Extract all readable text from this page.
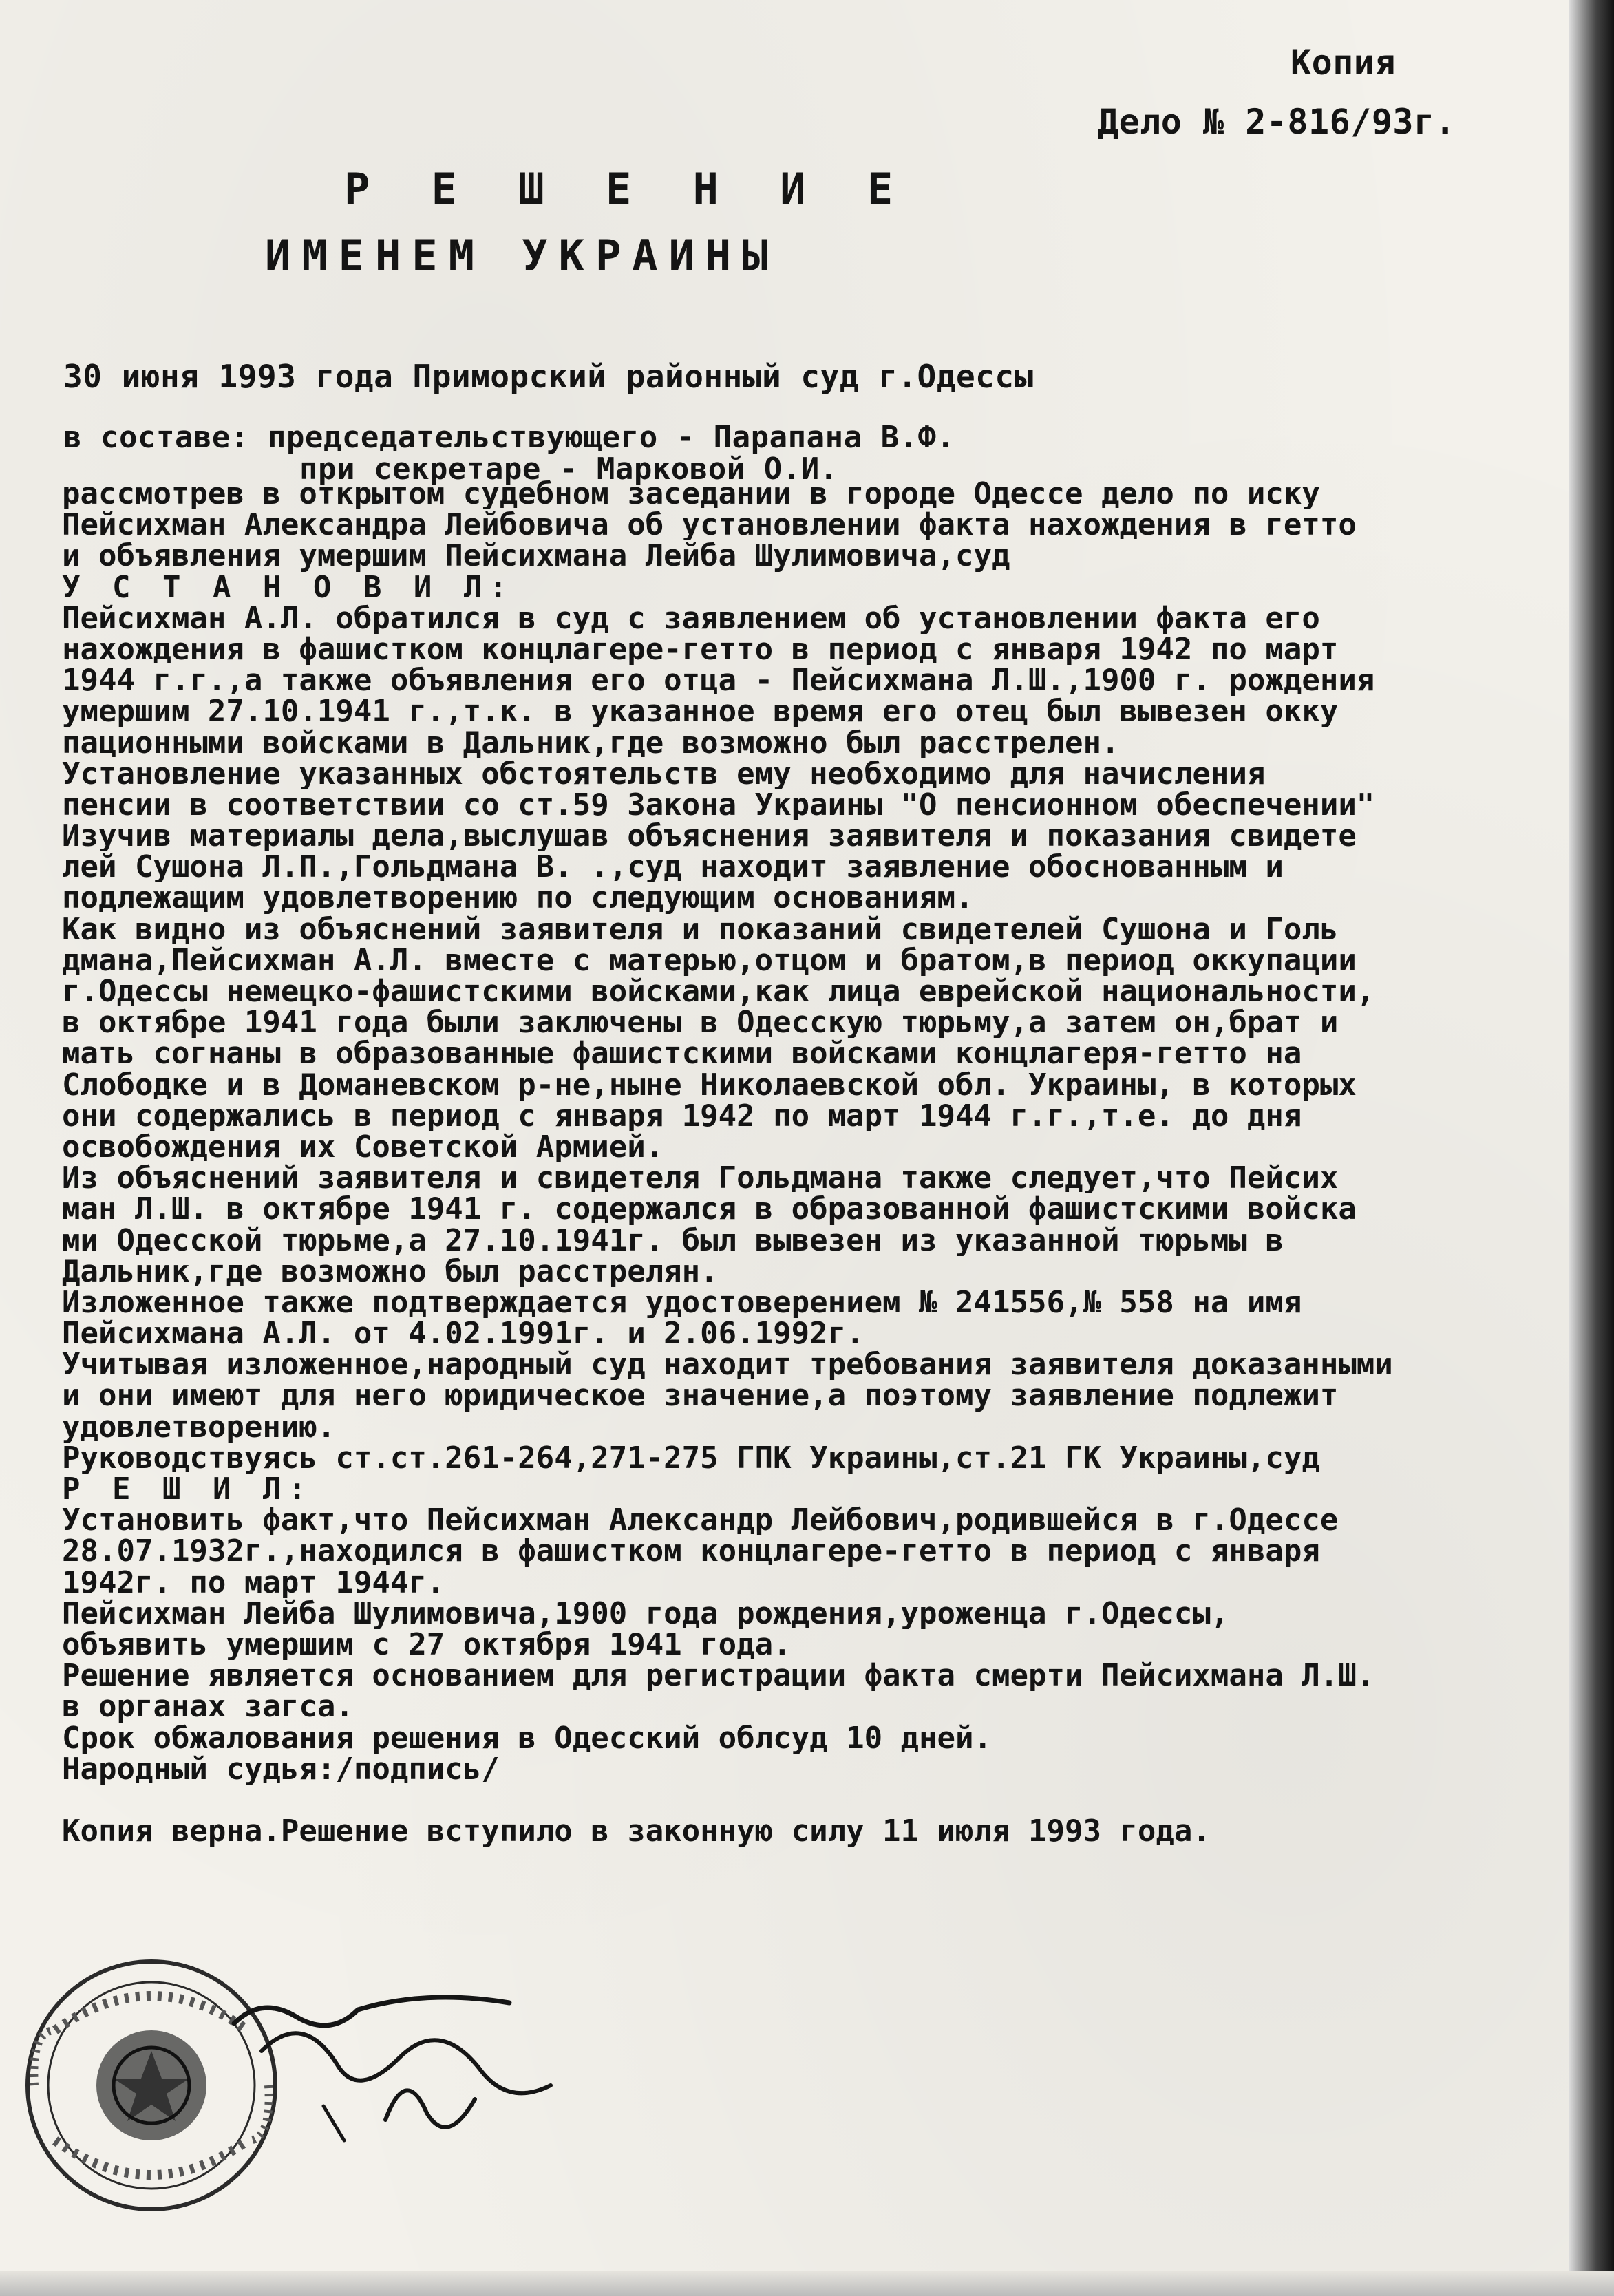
Копия
Дело № 2-816/93г.
Р Е Ш Е Н И Е
ИМЕНЕМ УКРАИНЫ
30 июня 1993 года Приморский районный суд г.Одессы
в составе: председательствующего - Парапана В.Ф.
при секретаре - Марковой О.И.
рассмотрев в открытом судебном заседании в городе Одессе дело по иску
Пейсихман Александра Лейбовича об установлении факта нахождения в гетто
и объявления умершим Пейсихмана Лейба Шулимовича,суд
У С Т А Н О В И Л:
Пейсихман А.Л. обратился в суд с заявлением об установлении факта его
нахождения в фашистком концлагере-гетто в период с января 1942 по март
1944 г.г.,а также объявления его отца - Пейсихмана Л.Ш.,1900 г. рождения
умершим 27.10.1941 г.,т.к. в указанное время его отец был вывезен окку
пационными войсками в Дальник,где возможно был расстрелен.
Установление указанных обстоятельств ему необходимо для начисления
пенсии в соответствии со ст.59 Закона Украины "О пенсионном обеспечении"
Изучив материалы дела,выслушав объяснения заявителя и показания свидете
лей Сушона Л.П.,Гольдмана В. .,суд находит заявление обоснованным и
подлежащим удовлетворению по следующим основаниям.
Как видно из объяснений заявителя и показаний свидетелей Сушона и Голь
дмана,Пейсихман А.Л. вместе с матерью,отцом и братом,в период оккупации
г.Одессы немецко-фашистскими войсками,как лица еврейской национальности,
в октябре 1941 года были заключены в Одесскую тюрьму,а затем он,брат и
мать согнаны в образованные фашистскими войсками концлагеря-гетто на
Слободке и в Доманевском р-не,ныне Николаевской обл. Украины, в которых
они содержались в период с января 1942 по март 1944 г.г.,т.е. до дня
освобождения их Советской Армией.
Из объяснений заявителя и свидетеля Гольдмана также следует,что Пейсих
ман Л.Ш. в октябре 1941 г. содержался в образованной фашистскими войска
ми Одесской тюрьме,а 27.10.1941г. был вывезен из указанной тюрьмы в
Дальник,где возможно был расстрелян.
Изложенное также подтверждается удостоверением № 241556,№ 558 на имя
Пейсихмана А.Л. от 4.02.1991г. и 2.06.1992г.
Учитывая изложенное,народный суд находит требования заявителя доказанными
и они имеют для него юридическое значение,а поэтому заявление подлежит
удовлетворению.
Руководствуясь ст.ст.261-264,271-275 ГПК Украины,ст.21 ГК Украины,суд
Р Е Ш И Л:
Установить факт,что Пейсихман Александр Лейбович,родившейся в г.Одессе
28.07.1932г.,находился в фашистком концлагере-гетто в период с января
1942г. по март 1944г.
Пейсихман Лейба Шулимовича,1900 года рождения,уроженца г.Одессы,
объявить умершим с 27 октября 1941 года.
Решение является основанием для регистрации факта смерти Пейсихмана Л.Ш.
в органах загса.
Срок обжалования решения в Одесский облсуд 10 дней.
Народный судья:/подпись/
Копия верна.Решение вступило в законную силу 11 июля 1993 года.
